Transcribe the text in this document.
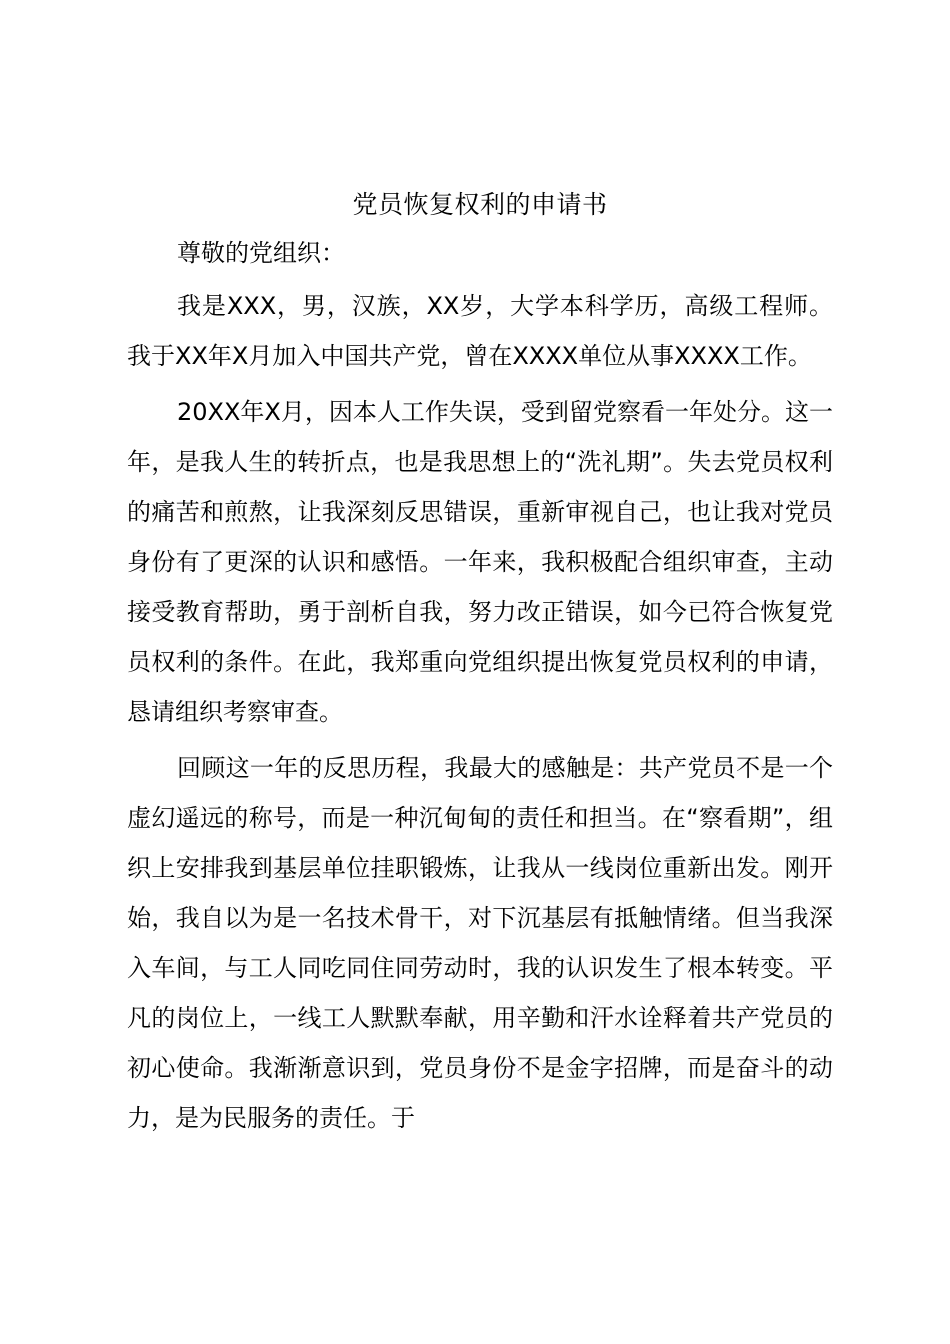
党员恢复权利的申请书

尊敬的党组织：

我是XXX，男，汉族，XX岁，大学本科学历，高级工程师。我于XX年X月加入中国共产党，曾在XXXX单位从事XXXX工作。

20XX年X月，因本人工作失误，受到留党察看一年处分。这一年，是我人生的转折点，也是我思想上的“洗礼期”。失去党员权利的痛苦和煎熬，让我深刻反思错误，重新审视自己，也让我对党员身份有了更深的认识和感悟。一年来，我积极配合组织审查，主动接受教育帮助，勇于剖析自我，努力改正错误，如今已符合恢复党员权利的条件。在此，我郑重向党组织提出恢复党员权利的申请，恳请组织考察审查。

回顾这一年的反思历程，我最大的感触是：共产党员不是一个虚幻遥远的称号，而是一种沉甸甸的责任和担当。在“察看期”，组织上安排我到基层单位挂职锻炼，让我从一线岗位重新出发。刚开始，我自以为是一名技术骨干，对下沉基层有抵触情绪。但当我深入车间，与工人同吃同住同劳动时，我的认识发生了根本转变。平凡的岗位上，一线工人默默奉献，用辛勤和汗水诠释着共产党员的初心使命。我渐渐意识到，党员身份不是金字招牌，而是奋斗的动力，是为民服务的责任。于
